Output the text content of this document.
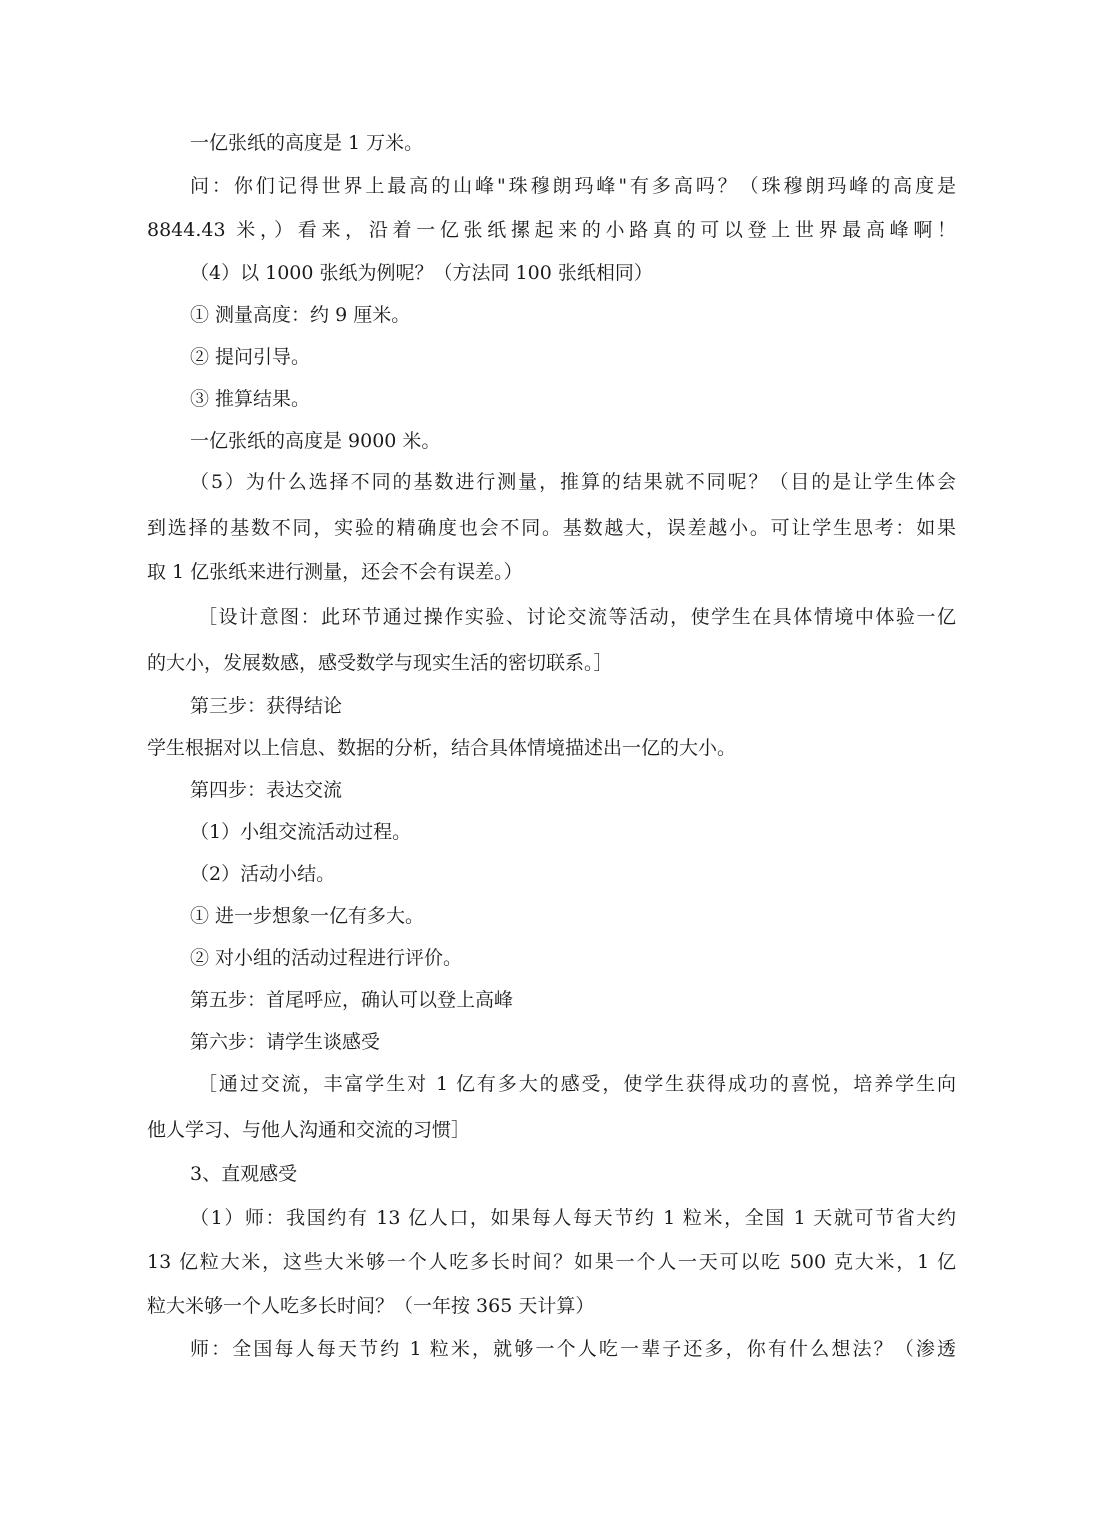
一亿张纸的高度是 1 万米。
问：你们记得世界上最高的山峰"珠穆朗玛峰"有多高吗？（珠穆朗玛峰的高度是
8844.43 米，）看来，沿着一亿张纸摞起来的小路真的可以登上世界最高峰啊！
（4）以 1000 张纸为例呢？（方法同 100 张纸相同）
① 测量高度：约 9 厘米。
② 提问引导。
③ 推算结果。
一亿张纸的高度是 9000 米。
（5）为什么选择不同的基数进行测量，推算的结果就不同呢？（目的是让学生体会
到选择的基数不同，实验的精确度也会不同。基数越大，误差越小。可让学生思考：如果
取 1 亿张纸来进行测量，还会不会有误差。）
［设计意图：此环节通过操作实验、讨论交流等活动，使学生在具体情境中体验一亿
的大小，发展数感，感受数学与现实生活的密切联系。］
第三步：获得结论
学生根据对以上信息、数据的分析，结合具体情境描述出一亿的大小。
第四步：表达交流
（1）小组交流活动过程。
（2）活动小结。
① 进一步想象一亿有多大。
② 对小组的活动过程进行评价。
第五步：首尾呼应，确认可以登上高峰
第六步：请学生谈感受
［通过交流，丰富学生对 1 亿有多大的感受，使学生获得成功的喜悦，培养学生向
他人学习、与他人沟通和交流的习惯］
3、直观感受
（1）师：我国约有 13 亿人口，如果每人每天节约 1 粒米，全国 1 天就可节省大约
13 亿粒大米，这些大米够一个人吃多长时间？如果一个人一天可以吃 500 克大米，1 亿
粒大米够一个人吃多长时间？（一年按 365 天计算）
师：全国每人每天节约 1 粒米，就够一个人吃一辈子还多，你有什么想法？（渗透
